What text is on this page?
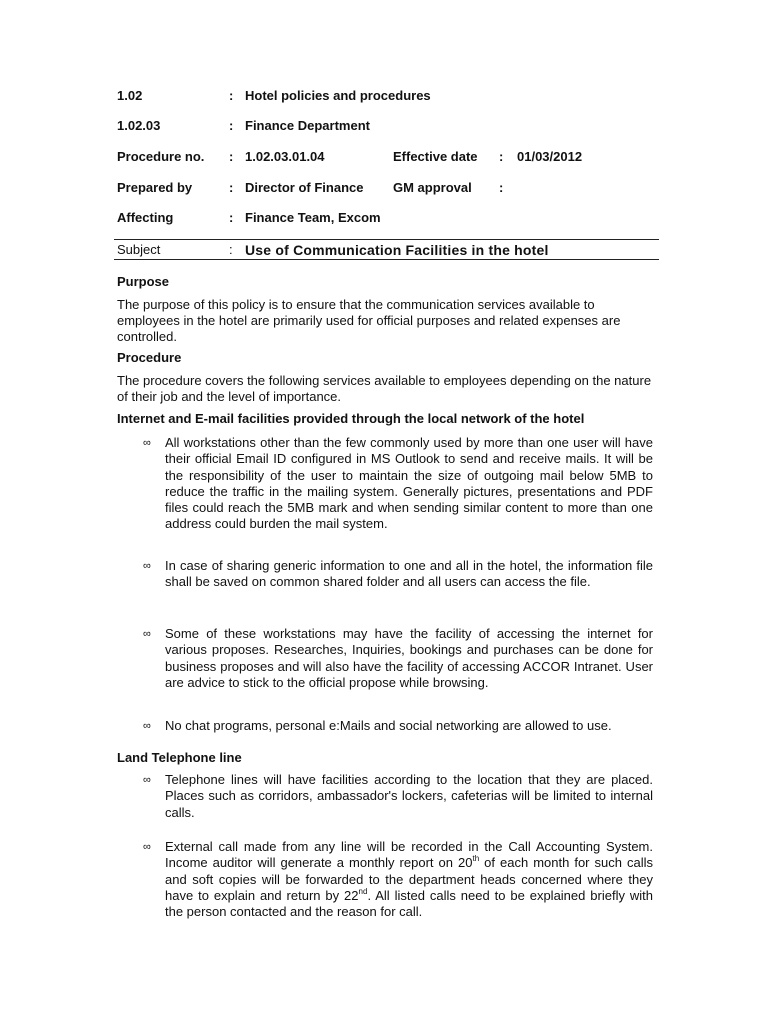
1.02	: Hotel policies and procedures
1.02.03	: Finance Department
Procedure no. : 1.02.03.01.04	Effective date : 01/03/2012
Prepared by	: Director of Finance GM approval :
Affecting	: Finance Team, Excom
Subject	: Use of Communication Facilities in the hotel
Purpose
The purpose of this policy is to ensure that the communication services available to employees in the hotel are primarily used for official purposes and related expenses are controlled.
Procedure
The procedure covers the following services available to employees depending on the nature of their job and the level of importance.
Internet and E-mail facilities provided through the local network of the hotel
∞ All workstations other than the few commonly used by more than one user will have their official Email ID configured in MS Outlook to send and receive mails. It will be the responsibility of the user to maintain the size of outgoing mail below 5MB to reduce the traffic in the mailing system. Generally pictures, presentations and PDF files could reach the 5MB mark and when sending similar content to more than one address could burden the mail system.

∞ In case of sharing generic information to one and all in the hotel, the information file shall be saved on common shared folder and all users can access the file.

∞ Some of these workstations may have the facility of accessing the internet for various proposes. Researches, Inquiries, bookings and purchases can be done for business proposes and will also have the facility of accessing ACCOR Intranet. User are advice to stick to the official propose while browsing.

∞ No chat programs, personal e:Mails and social networking are allowed to use.

Land Telephone line
∞ Telephone lines will have facilities according to the location that they are placed. Places such as corridors, ambassador's lockers, cafeterias will be limited to internal calls.

∞ External call made from any line will be recorded in the Call Accounting System. Income auditor will generate a monthly report on 20th of each month for such calls and soft copies will be forwarded to the department heads concerned where they have to explain and return by 22nd. All listed calls need to be explained briefly with the person contacted and the reason for call.
